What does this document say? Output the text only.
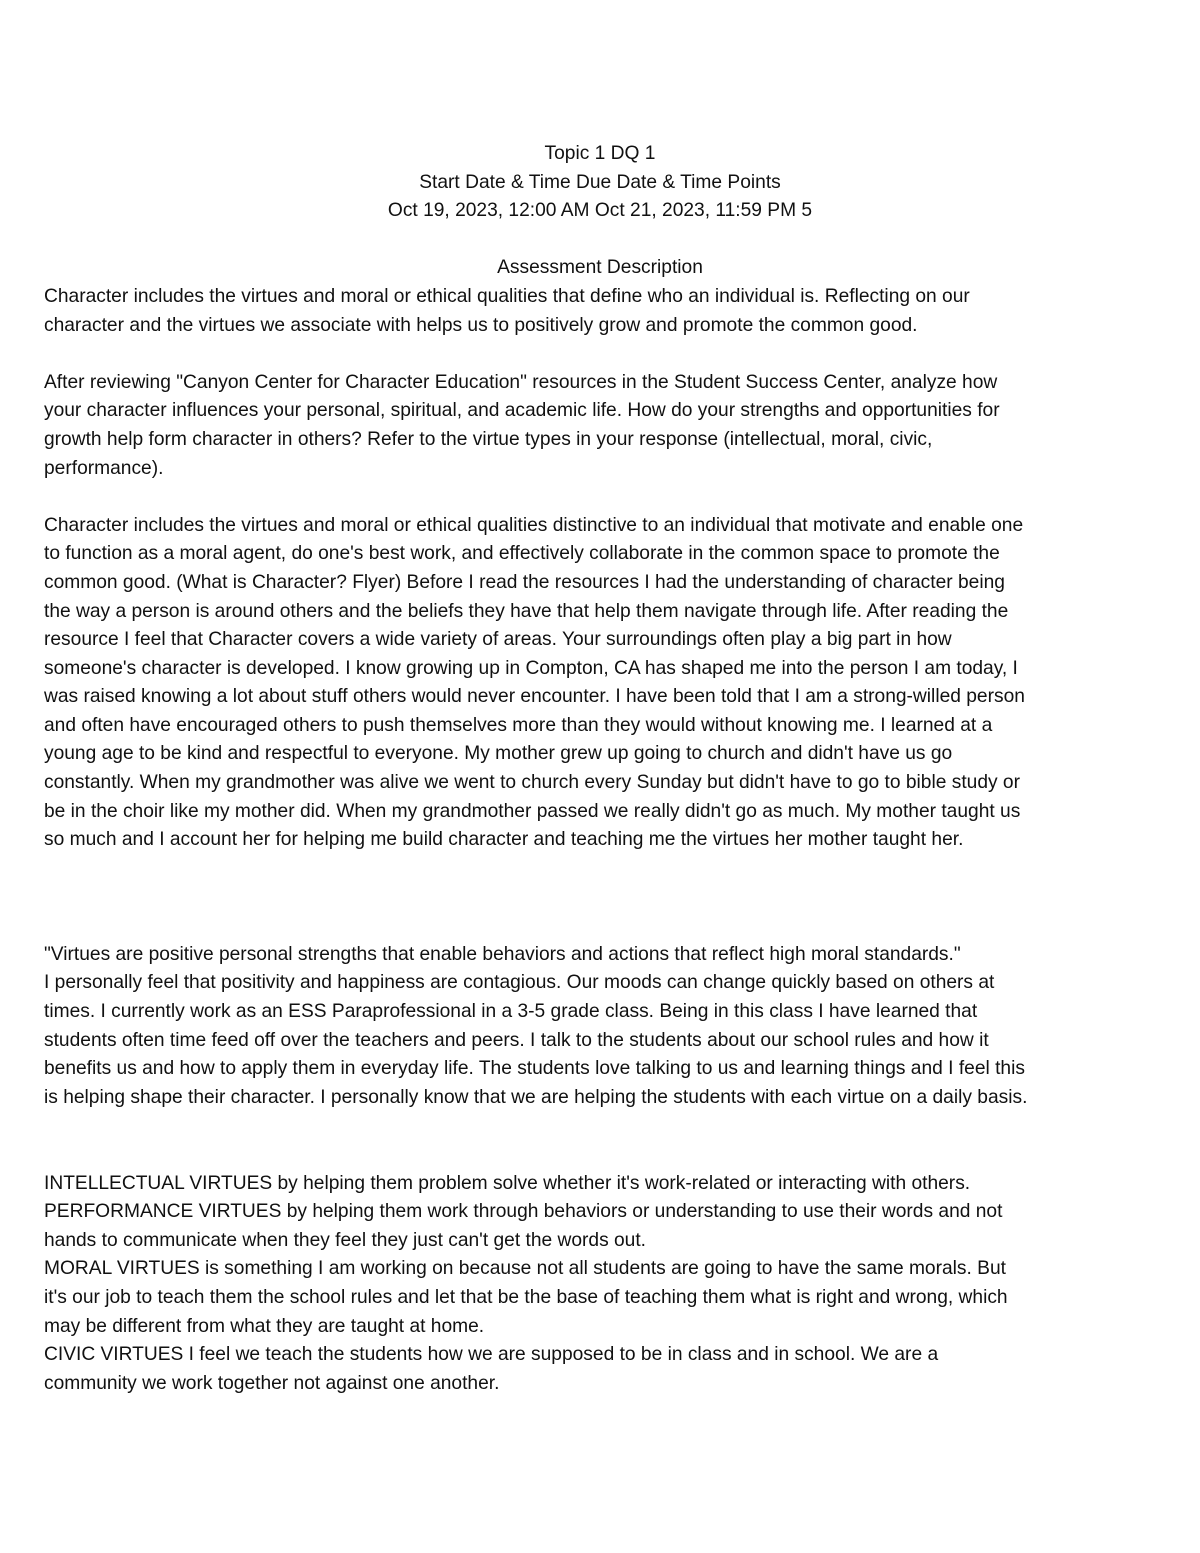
Topic 1 DQ 1

Start Date & Time Due Date & Time Points

Oct 19, 2023, 12:00 AM Oct 21, 2023, 11:59 PM 5

Assessment Description

Character includes the virtues and moral or ethical qualities that define who an individual is. Reflecting on our
character and the virtues we associate with helps us to positively grow and promote the common good.
After reviewing "Canyon Center for Character Education" resources in the Student Success Center, analyze how
your character influences your personal, spiritual, and academic life. How do your strengths and opportunities for
growth help form character in others? Refer to the virtue types in your response (intellectual, moral, civic,
performance).
Character includes the virtues and moral or ethical qualities distinctive to an individual that motivate and enable one
to function as a moral agent, do one's best work, and effectively collaborate in the common space to promote the
common good. (What is Character? Flyer) Before I read the resources I had the understanding of character being
the way a person is around others and the beliefs they have that help them navigate through life. After reading the
resource I feel that Character covers a wide variety of areas. Your surroundings often play a big part in how
someone's character is developed. I know growing up in Compton, CA has shaped me into the person I am today, I
was raised knowing a lot about stuff others would never encounter. I have been told that I am a strong-willed person
and often have encouraged others to push themselves more than they would without knowing me. I learned at a
young age to be kind and respectful to everyone. My mother grew up going to church and didn't have us go
constantly. When my grandmother was alive we went to church every Sunday but didn't have to go to bible study or
be in the choir like my mother did. When my grandmother passed we really didn't go as much. My mother taught us
so much and I account her for helping me build character and teaching me the virtues her mother taught her.
"Virtues are positive personal strengths that enable behaviors and actions that reflect high moral standards."
I personally feel that positivity and happiness are contagious. Our moods can change quickly based on others at
times. I currently work as an ESS Paraprofessional in a 3-5 grade class. Being in this class I have learned that
students often time feed off over the teachers and peers. I talk to the students about our school rules and how it
benefits us and how to apply them in everyday life. The students love talking to us and learning things and I feel this
is helping shape their character. I personally know that we are helping the students with each virtue on a daily basis.
INTELLECTUAL VIRTUES by helping them problem solve whether it's work-related or interacting with others.
PERFORMANCE VIRTUES by helping them work through behaviors or understanding to use their words and not
hands to communicate when they feel they just can't get the words out.
MORAL VIRTUES is something I am working on because not all students are going to have the same morals. But
it's our job to teach them the school rules and let that be the base of teaching them what is right and wrong, which
may be different from what they are taught at home.
CIVIC VIRTUES I feel we teach the students how we are supposed to be in class and in school. We are a
community we work together not against one another.
